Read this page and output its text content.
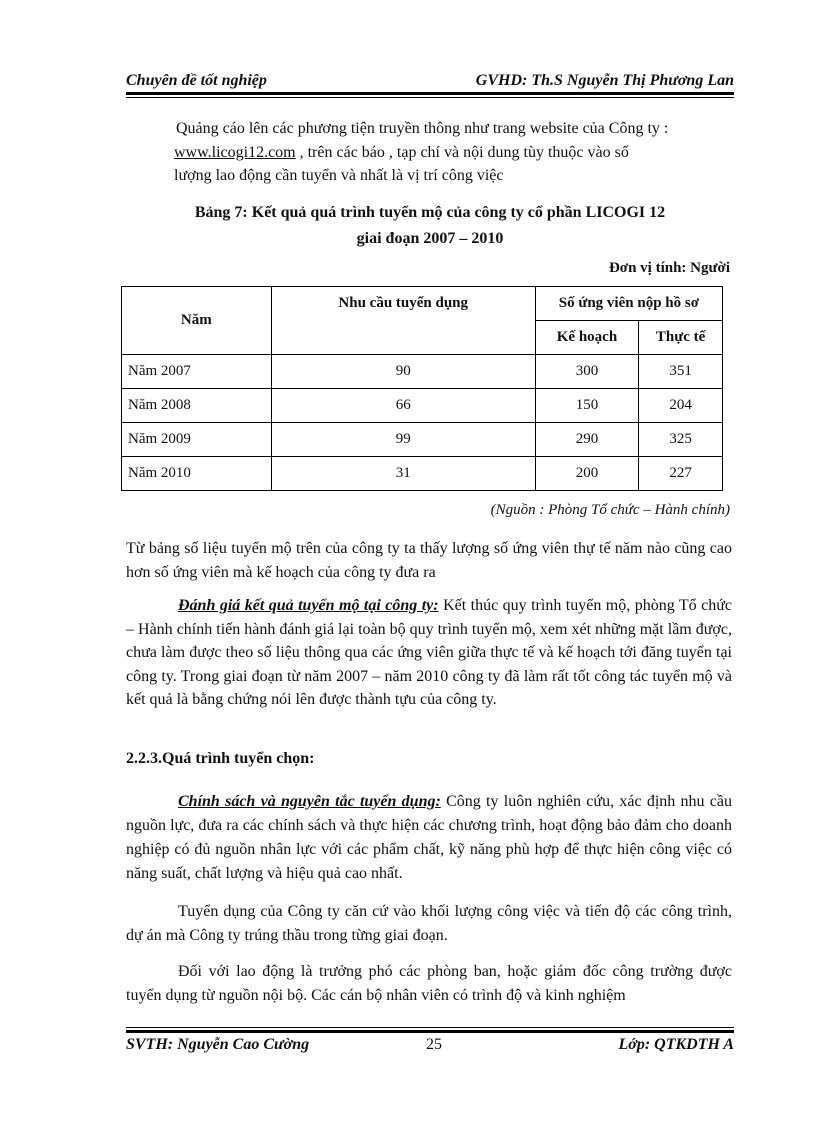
Chuyên đề tốt nghiệp	GVHD: Th.S Nguyễn Thị Phương Lan

Quảng cáo lên các phương tiện truyền thông như trang website của Công ty :
www.licogi12.com , trên các báo , tạp chí và nội dung tùy thuộc vào số
lượng lao động cần tuyển và nhất là vị trí công việc

Bảng 7: Kết quả quá trình tuyển mộ của công ty cổ phần LICOGI 12
giai đoạn 2007 – 2010
Đơn vị tính: Người
Năm	Nhu cầu tuyển dụng	Số ứng viên nộp hồ sơ	
		Kế hoạch	Thực tế
Năm 2007	90	300	351
Năm 2008	66	150	204
Năm 2009	99	290	325
Năm 2010	31	200	227
(Nguồn : Phòng Tổ chức – Hành chính)

Từ bảng số liệu tuyển mộ trên của công ty ta thấy lượng số ứng viên thự tế năm nào cũng cao hơn số ứng viên mà kế hoạch của công ty đưa ra

Đánh giá kết quả tuyển mộ tại công ty: Kết thúc quy trình tuyển mộ, phòng Tổ chức – Hành chính tiến hành đánh giá lại toàn bộ quy trình tuyển mộ, xem xét những mặt lầm được, chưa làm được theo số liệu thông qua các ứng viên giữa thực tế và kế hoạch tới đăng tuyển tại công ty. Trong giai đoạn từ năm 2007 – năm 2010 công ty đã làm rất tốt công tác tuyển mộ và kết quả là bằng chứng nói lên được thành tựu của công ty.

2.2.3.Quá trình tuyển chọn:

Chính sách và nguyên tắc tuyển dụng: Công ty luôn nghiên cứu, xác định nhu cầu nguồn lực, đưa ra các chính sách và thực hiện các chương trình, hoạt động bảo đảm cho doanh nghiệp có đủ nguồn nhân lực với các phẩm chất, kỹ năng phù hợp để thực hiện công việc có năng suất, chất lượng và hiệu quả cao nhất.

Tuyển dụng của Công ty căn cứ vào khối lượng công việc và tiến độ các công trình, dự án mà Công ty trúng thầu trong từng giai đoạn.

Đối với lao động là trưởng phó các phòng ban, hoặc giám đốc công trường được tuyển dụng từ nguồn nội bộ. Các cán bộ nhân viên có trình độ và kinh nghiệm

SVTH: Nguyễn Cao Cường	25	Lớp: QTKDTH A
